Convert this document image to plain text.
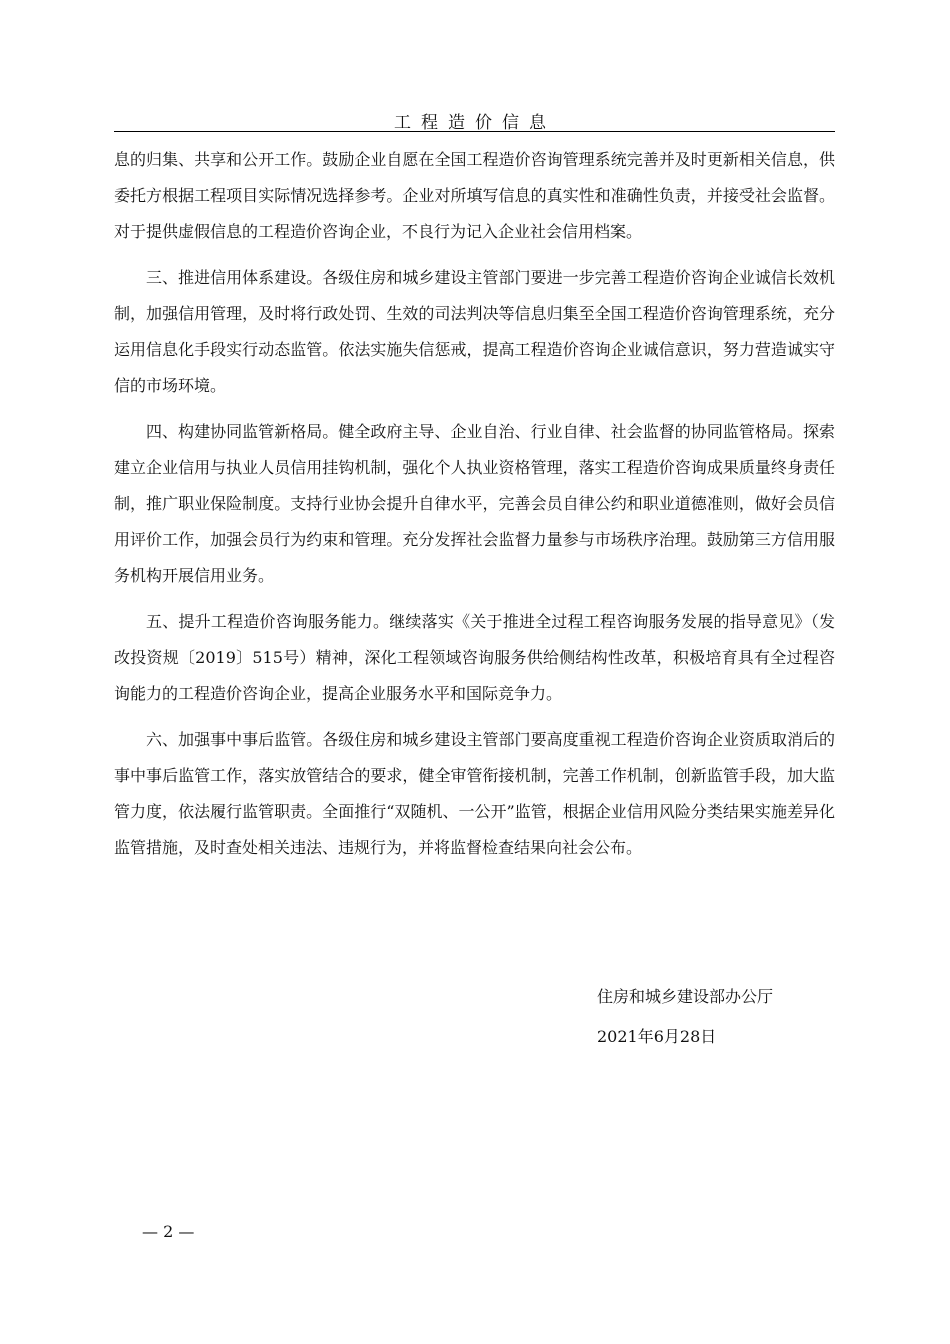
工程造价信息

息的归集、共享和公开工作。鼓励企业自愿在全国工程造价咨询管理系统完善并及时更新相关信息，供委托方根据工程项目实际情况选择参考。企业对所填写信息的真实性和准确性负责，并接受社会监督。对于提供虚假信息的工程造价咨询企业，不良行为记入企业社会信用档案。

三、推进信用体系建设。各级住房和城乡建设主管部门要进一步完善工程造价咨询企业诚信长效机制，加强信用管理，及时将行政处罚、生效的司法判决等信息归集至全国工程造价咨询管理系统，充分运用信息化手段实行动态监管。依法实施失信惩戒，提高工程造价咨询企业诚信意识，努力营造诚实守信的市场环境。

四、构建协同监管新格局。健全政府主导、企业自治、行业自律、社会监督的协同监管格局。探索建立企业信用与执业人员信用挂钩机制，强化个人执业资格管理，落实工程造价咨询成果质量终身责任制，推广职业保险制度。支持行业协会提升自律水平，完善会员自律公约和职业道德准则，做好会员信用评价工作，加强会员行为约束和管理。充分发挥社会监督力量参与市场秩序治理。鼓励第三方信用服务机构开展信用业务。

五、提升工程造价咨询服务能力。继续落实《关于推进全过程工程咨询服务发展的指导意见》（发改投资规〔2019〕515号）精神，深化工程领域咨询服务供给侧结构性改革，积极培育具有全过程咨询能力的工程造价咨询企业，提高企业服务水平和国际竞争力。

六、加强事中事后监管。各级住房和城乡建设主管部门要高度重视工程造价咨询企业资质取消后的事中事后监管工作，落实放管结合的要求，健全审管衔接机制，完善工作机制，创新监管手段，加大监管力度，依法履行监管职责。全面推行“双随机、一公开”监管，根据企业信用风险分类结果实施差异化监管措施，及时查处相关违法、违规行为，并将监督检查结果向社会公布。

住房和城乡建设部办公厅
2021年6月28日
— 2 —
